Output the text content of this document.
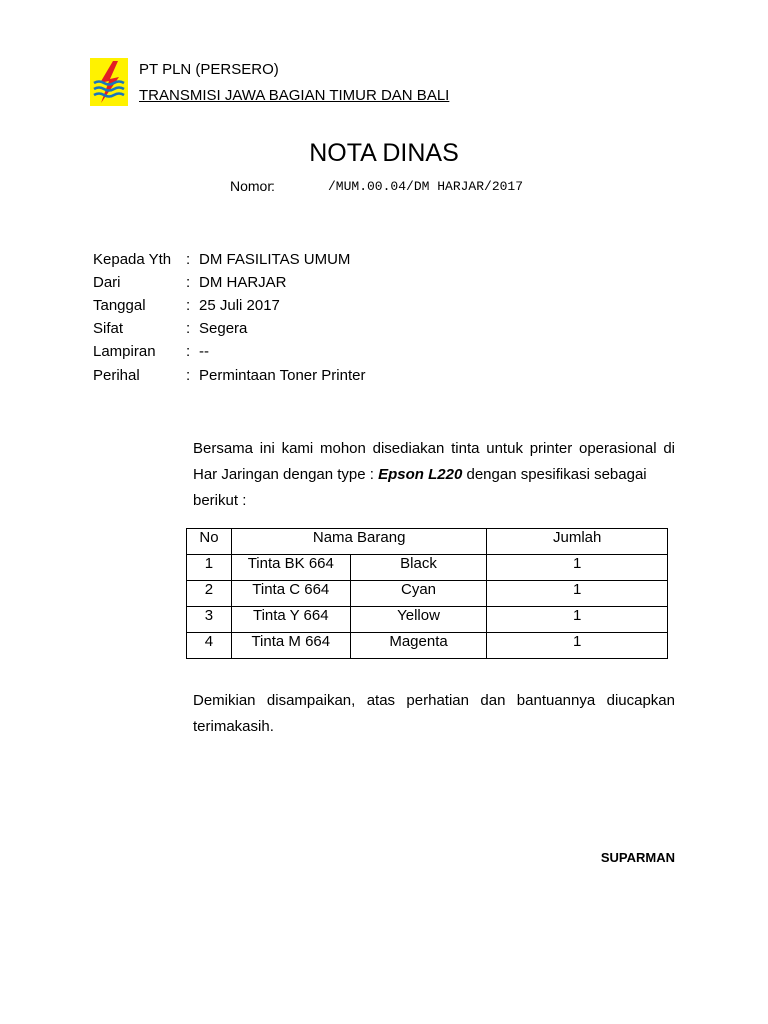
PT PLN (PERSERO)
TRANSMISI JAWA BAGIAN TIMUR DAN BALI
NOTA DINAS
Nomor
:	/MUM.00.04/DM HARJAR/2017
Kepada Yth : DM FASILITAS UMUM
Dari	: DM HARJAR
Tanggal	: 25 Juli 2017
Sifat	: Segera
Lampiran : --
Perihal	: Permintaan Toner Printer
Bersama ini kami mohon disediakan tinta untuk printer operasional di Har Jaringan dengan type : Epson L220 dengan spesifikasi sebagai
berikut :
No	Nama Barang		Jumlah
1	Tinta BK 664	Black	1
2	Tinta C 664	Cyan	1
3	Tinta Y 664	Yellow	1
4	Tinta M 664	Magenta	1
Demikian disampaikan, atas perhatian dan bantuannya diucapkan
terimakasih.
SUPARMAN
